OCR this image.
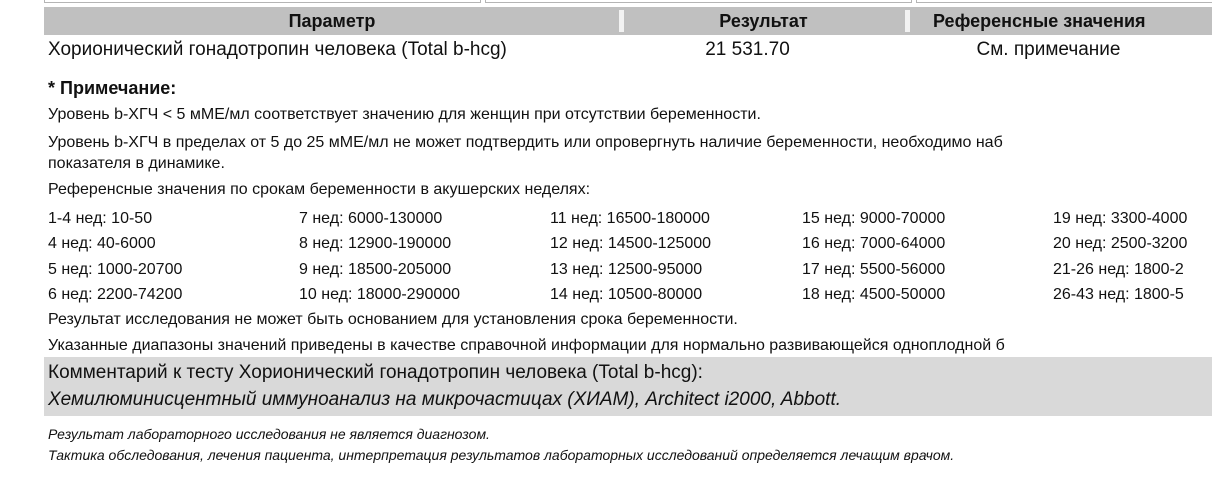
Параметр	Результат	Референсные значения
Хорионический гонадотропин человека (Total b-hcg)	21 531.70	См. примечание
* Примечание:
Уровень b-ХГЧ < 5 мМЕ/мл соответствует значению для женщин при отсутствии беременности.
Уровень b-ХГЧ в пределах от 5 до 25 мМЕ/мл не может подтвердить или опровергнуть наличие беременности, необходимо наб
показателя в динамике.
Референсные значения по срокам беременности в акушерских неделях:
1-4 нед: 10-50	7 нед: 6000-130000	11 нед: 16500-180000	15 нед: 9000-70000	19 нед: 3300-4000
4 нед: 40-6000	8 нед: 12900-190000	12 нед: 14500-125000	16 нед: 7000-64000	20 нед: 2500-3200
5 нед: 1000-20700	9 нед: 18500-205000	13 нед: 12500-95000	17 нед: 5500-56000	21-26 нед: 1800-2
6 нед: 2200-74200	10 нед: 18000-290000	14 нед: 10500-80000	18 нед: 4500-50000	26-43 нед: 1800-5
Результат исследования не может быть основанием для установления срока беременности.
Указанные диапазоны значений приведены в качестве справочной информации для нормально развивающейся одноплодной б
Комментарий к тесту Хорионический гонадотропин человека (Total b-hcg):
Хемилюминисцентный иммуноанализ на микрочастицах (ХИАМ), Architect i2000, Abbott.
Результат лабораторного исследования не является диагнозом.
Тактика обследования, лечения пациента, интерпретация результатов лабораторных исследований определяется лечащим врачом.
